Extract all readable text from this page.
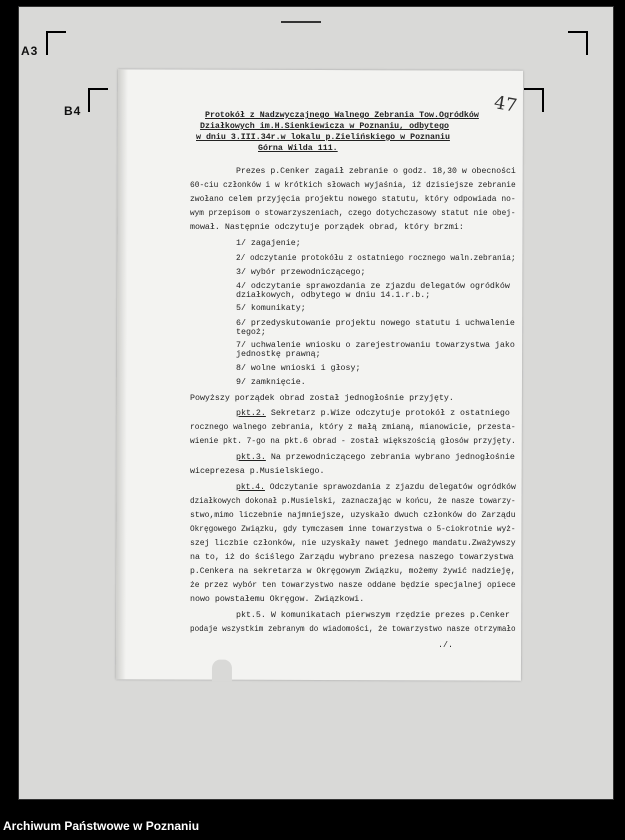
A3
B4	47
Protokół z Nadzwyczajnego Walnego Zebrania Tow.Ogródków
Działkowych im.H.Sienkiewicza w Poznaniu, odbytego
w dniu 3.III.34r.w lokalu p.Zielińskiego w Poznaniu
Górna Wilda 111.
Prezes p.Cenker zagaił zebranie o godz. 18,30 w obecności
60-ciu członków i w krótkich słowach wyjaśnia, iż dzisiejsze zebranie
zwołano celem przyjęcia projektu nowego statutu, który odpowiada no-
wym przepisom o stowarzyszeniach, czego dotychczasowy statut nie obej-
mował. Następnie odczytuje porządek obrad, który brzmi:
1/ zagajenie;
2/ odczytanie protokółu z ostatniego rocznego waln.zebrania;
3/ wybór przewodniczącego;
4/ odczytanie sprawozdania ze zjazdu delegatów ogródków
działkowych, odbytego w dniu 14.1.r.b.;
5/ komunikaty;
6/ przedyskutowanie projektu nowego statutu i uchwalenie
tegoż;
7/ uchwalenie wniosku o zarejestrowaniu towarzystwa jako
jednostkę prawną;
8/ wolne wnioski i głosy;
9/ zamknięcie.
Powyższy porządek obrad został jednogłośnie przyjęty.
pkt.2. Sekretarz p.Wize odczytuje protokół z ostatniego
rocznego walnego zebrania, który z małą zmianą, mianowicie, przesta-
wienie pkt. 7-go na pkt.6 obrad - został większością głosów przyjęty.
pkt.3. Na przewodniczącego zebrania wybrano jednogłośnie
wiceprezesa p.Musielskiego.
pkt.4. Odczytanie sprawozdania z zjazdu delegatów ogródków
działkowych dokonał p.Musielski, zaznaczając w końcu, że nasze towarzy-
stwo,mimo liczebnie najmniejsze, uzyskało dwuch członków do Zarządu
Okręgowego Związku, gdy tymczasem inne towarzystwa o 5-ciokrotnie wyż-
szej liczbie członków, nie uzyskały nawet jednego mandatu.Zważywszy
na to, iż do ściślego Zarządu wybrano prezesa naszego towarzystwa
p.Cenkera na sekretarza w Okręgowym Związku, możemy żywić nadzieję,
że przez wybór ten towarzystwo nasze oddane będzie specjalnej opiece
nowo powstałemu Okręgow. Związkowi.
pkt.5. W komunikatach pierwszym rzędzie prezes p.Cenker
podaje wszystkim zebranym do wiadomości, że towarzystwo nasze otrzymało
./.
Archiwum Państwowe w Poznaniu
